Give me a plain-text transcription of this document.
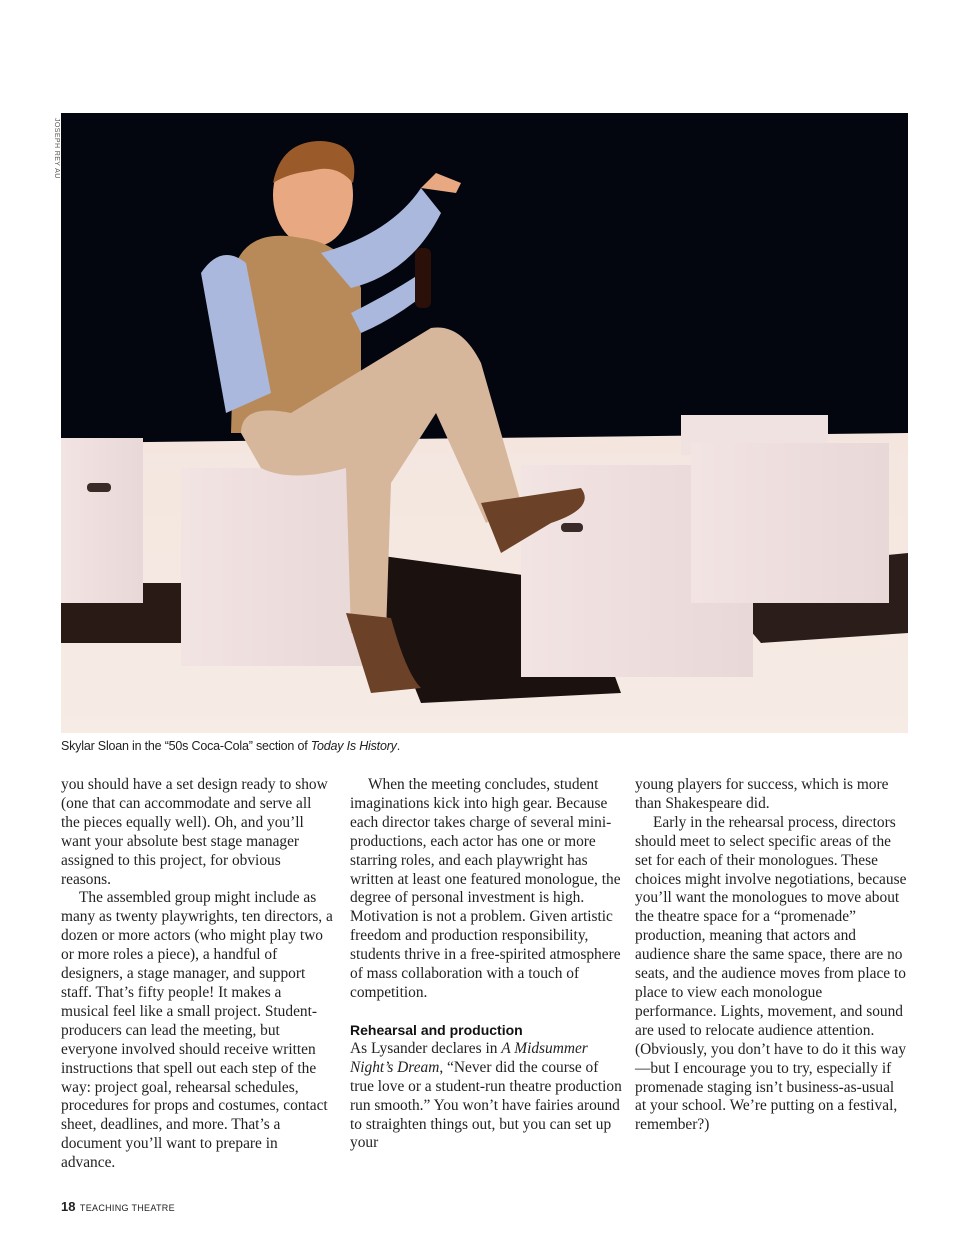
JOSEPH REY AU
Skylar Sloan in the “50s Coca-Cola” section of Today Is History.

you should have a set design ready to show (one that can accommodate and serve all the pieces equally well). Oh, and you’ll want your absolute best stage manager assigned to this project, for obvious reasons.

The assembled group might include as many as twenty playwrights, ten directors, a dozen or more actors (who might play two or more roles a piece), a handful of designers, a stage manager, and support staff. That’s fifty people! It makes a musical feel like a small project. Student-producers can lead the meeting, but everyone involved should receive written instructions that spell out each step of the way: project goal, rehearsal schedules, procedures for props and costumes, contact sheet, deadlines, and more. That’s a document you’ll want to prepare in advance.

When the meeting concludes, student imaginations kick into high gear. Because each director takes charge of several mini-productions, each actor has one or more starring roles, and each playwright has written at least one featured monologue, the degree of personal investment is high. Motivation is not a problem. Given artistic freedom and production responsibility, students thrive in a free-spirited atmosphere of mass collaboration with a touch of competition.

Rehearsal and production

As Lysander declares in A Midsummer Night’s Dream, “Never did the course of true love or a student-run theatre production run smooth.” You won’t have fairies around to straighten things out, but you can set up your

young players for success, which is more than Shakespeare did.

Early in the rehearsal process, directors should meet to select specific areas of the set for each of their monologues. These choices might involve negotiations, because you’ll want the monologues to move about the theatre space for a “promenade” production, meaning that actors and audience share the same space, there are no seats, and the audience moves from place to place to view each monologue performance. Lights, movement, and sound are used to relocate audience attention. (Obviously, you don’t have to do it this way—but I encourage you to try, especially if promenade staging isn’t business-as-usual at your school. We’re putting on a festival, remember?)

18 TEACHING THEATRE
